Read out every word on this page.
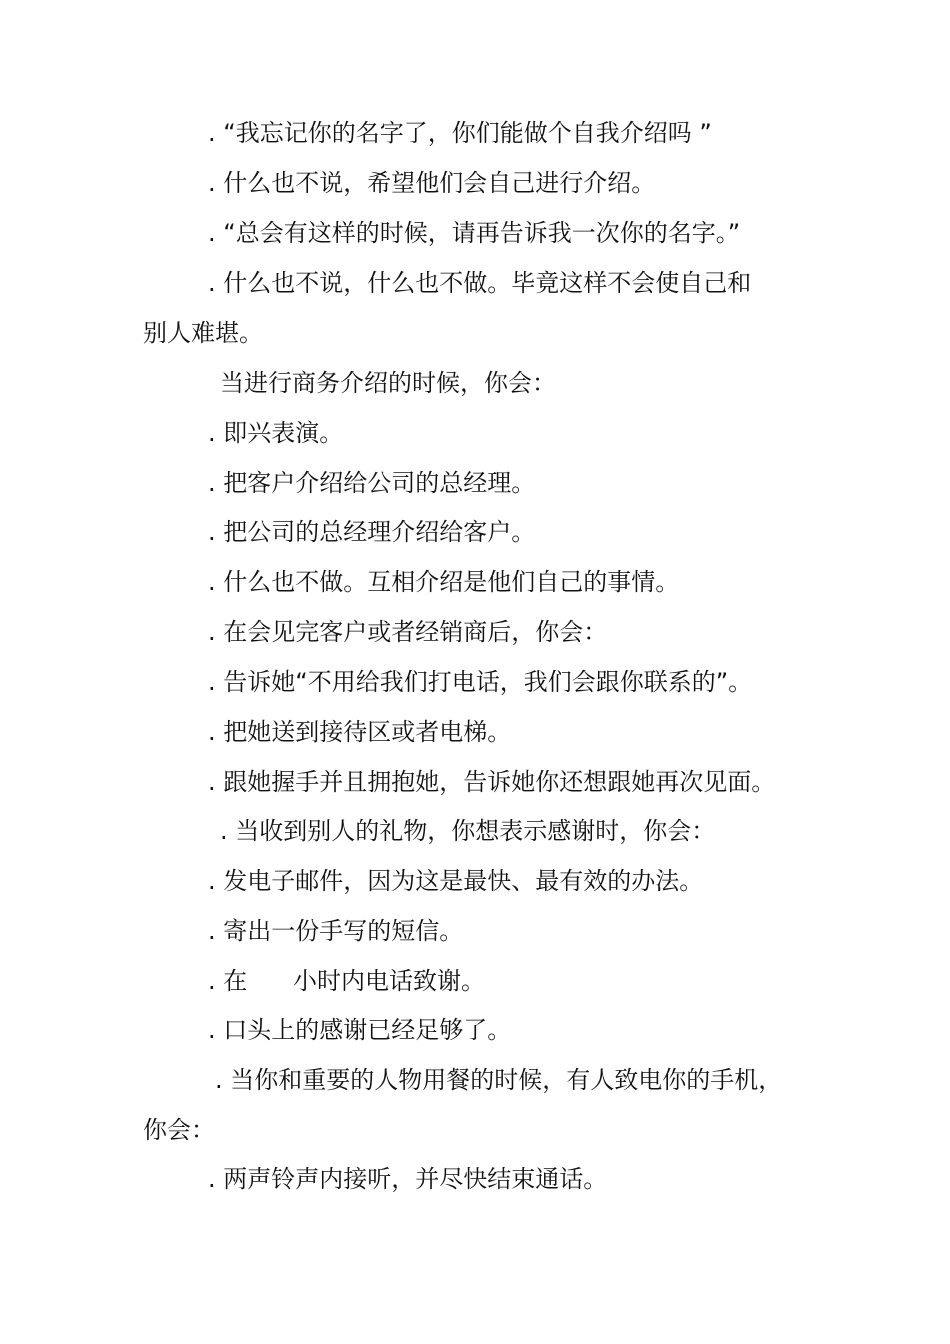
. “我忘记你的名字了，你们能做个自我介绍吗 ”
. 什么也不说，希望他们会自己进行介绍。
. “总会有这样的时候，请再告诉我一次你的名字。”
. 什么也不说，什么也不做。毕竟这样不会使自己和
别人难堪。
当进行商务介绍的时候，你会：
. 即兴表演。
. 把客户介绍给公司的总经理。
. 把公司的总经理介绍给客户。
. 什么也不做。互相介绍是他们自己的事情。
. 在会见完客户或者经销商后，你会：
. 告诉她“不用给我们打电话，我们会跟你联系的”。
. 把她送到接待区或者电梯。
. 跟她握手并且拥抱她，告诉她你还想跟她再次见面。
. 当收到别人的礼物，你想表示感谢时，你会：
. 发电子邮件，因为这是最快、最有效的办法。
. 寄出一份手写的短信。
. 在      小时内电话致谢。
. 口头上的感谢已经足够了。
. 当你和重要的人物用餐的时候，有人致电你的手机，
你会：
. 两声铃声内接听，并尽快结束通话。
